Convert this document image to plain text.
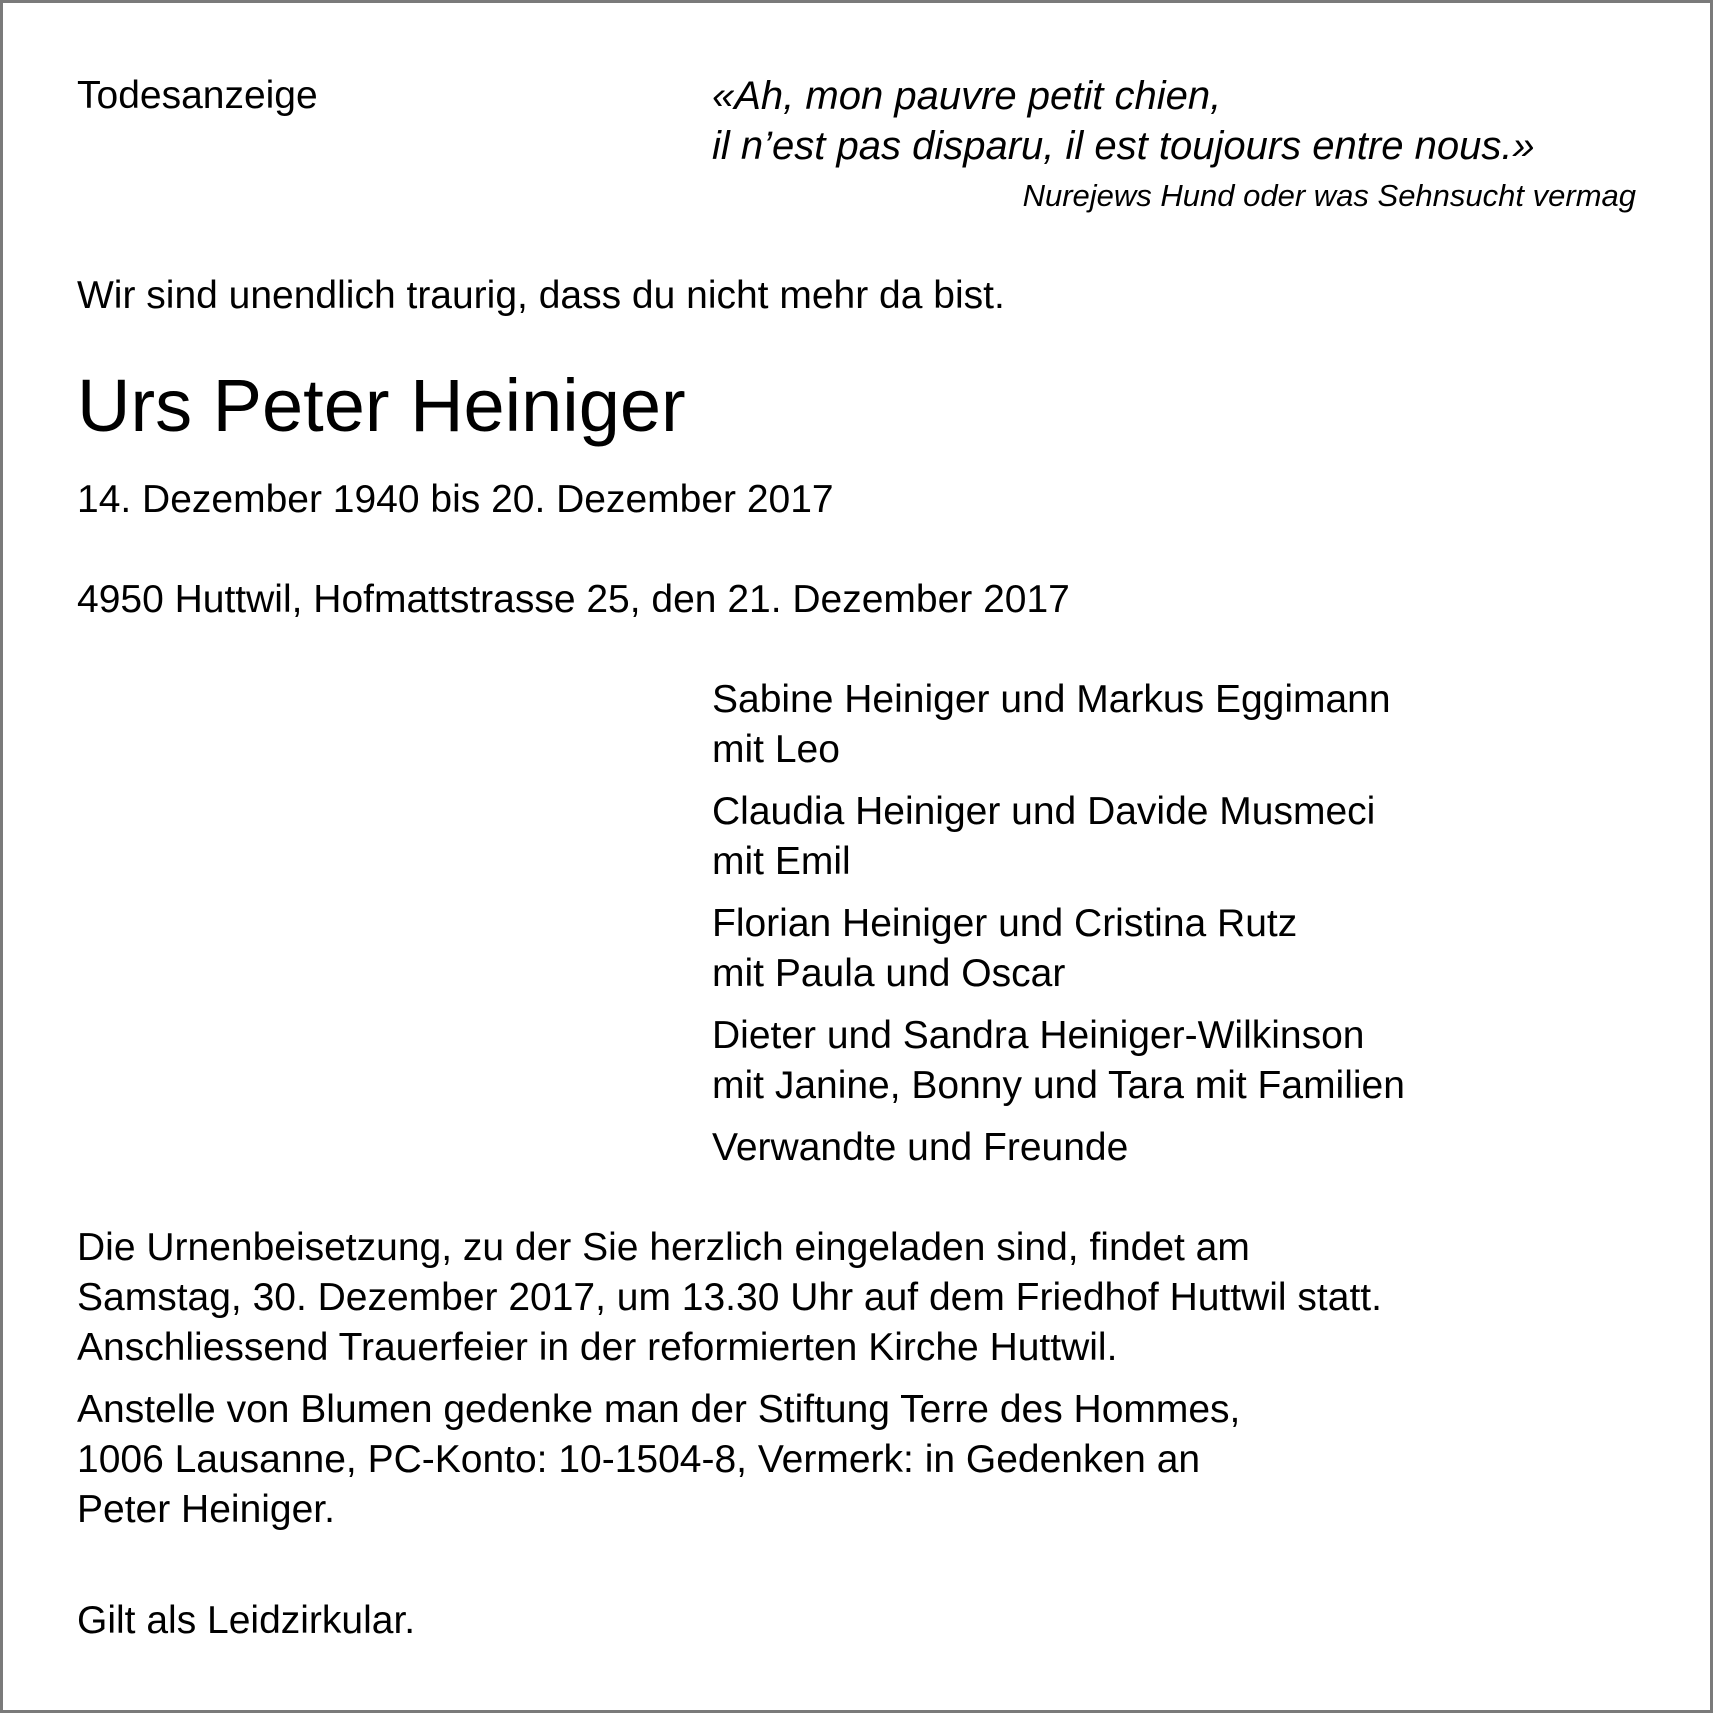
Todesanzeige	«Ah, mon pauvre petit chien,
il n’est pas disparu, il est toujours entre nous.»

Nurejews Hund oder was Sehnsucht vermag

Wir sind unendlich traurig, dass du nicht mehr da bist.

Urs Peter Heiniger

14. Dezember 1940 bis 20. Dezember 2017

4950 Huttwil, Hofmattstrasse 25, den 21. Dezember 2017

Sabine Heiniger und Markus Eggimann
mit Leo
Claudia Heiniger und Davide Musmeci
mit Emil
Florian Heiniger und Cristina Rutz
mit Paula und Oscar
Dieter und Sandra Heiniger-Wilkinson
mit Janine, Bonny und Tara mit Familien
Verwandte und Freunde
Die Urnenbeisetzung, zu der Sie herzlich eingeladen sind, findet am
Samstag, 30. Dezember 2017, um 13.30 Uhr auf dem Friedhof Huttwil statt.
Anschliessend Trauerfeier in der reformierten Kirche Huttwil.
Anstelle von Blumen gedenke man der Stiftung Terre des Hommes,
1006 Lausanne, PC-Konto: 10-1504-8, Vermerk: in Gedenken an
Peter Heiniger.

Gilt als Leidzirkular.
